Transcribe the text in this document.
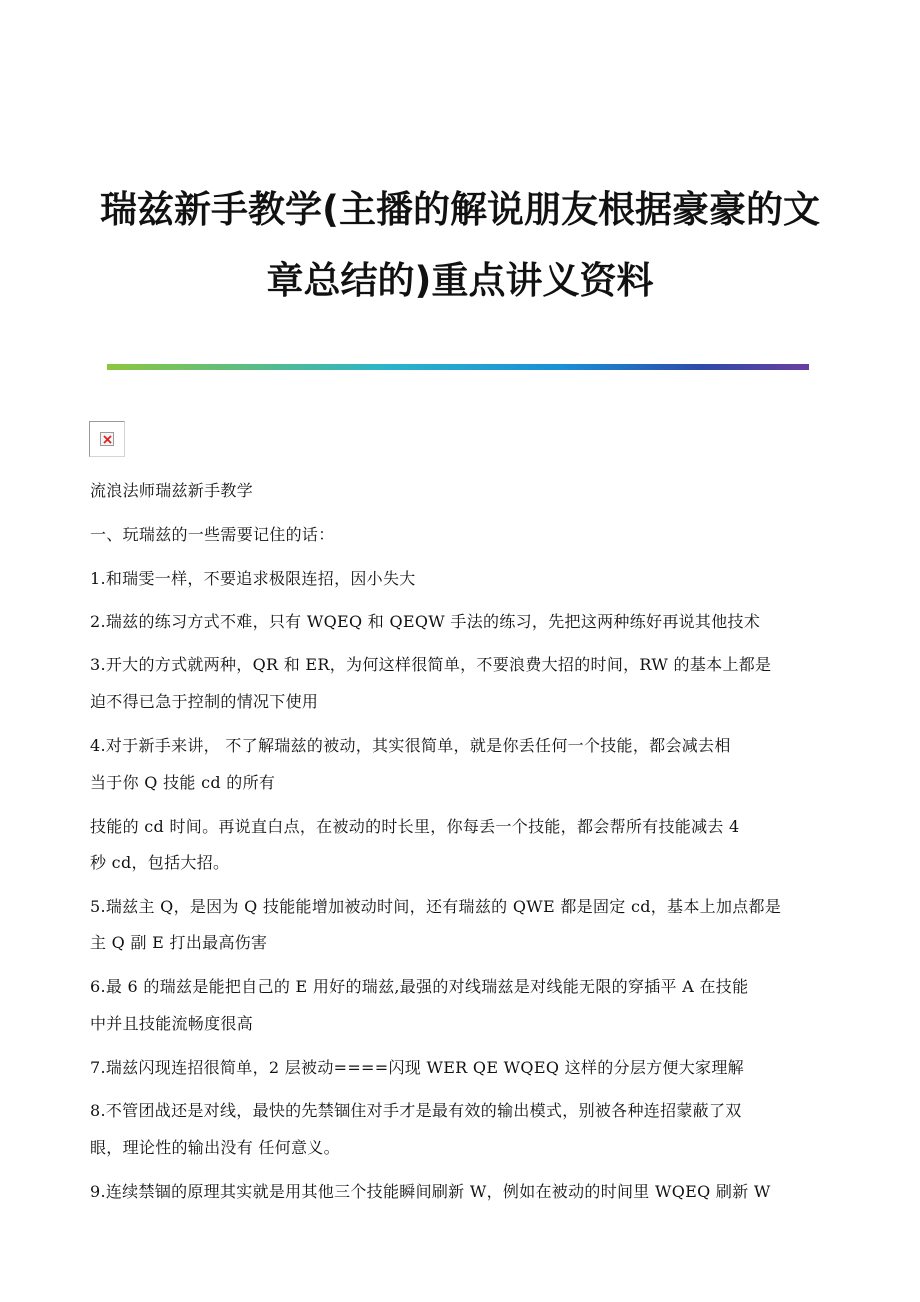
瑞兹新手教学(主播的解说朋友根据豪豪的文
章总结的)重点讲义资料
流浪法师瑞兹新手教学
一、玩瑞兹的一些需要记住的话：
1.和瑞雯一样，不要追求极限连招，因小失大
2.瑞兹的练习方式不难，只有 WQEQ 和 QEQW 手法的练习，先把这两种练好再说其他技术
3.开大的方式就两种，QR 和 ER，为何这样很简单，不要浪费大招的时间，RW 的基本上都是
迫不得已急于控制的情况下使用
4.对于新手来讲， 不了解瑞兹的被动，其实很简单，就是你丢任何一个技能，都会减去相
当于你 Q 技能 cd 的所有
技能的 cd 时间。再说直白点，在被动的时长里，你每丢一个技能，都会帮所有技能减去 4
秒 cd，包括大招。
5.瑞兹主 Q，是因为 Q 技能能增加被动时间，还有瑞兹的 QWE 都是固定 cd，基本上加点都是
主 Q 副 E 打出最高伤害
6.最 6 的瑞兹是能把自己的 E 用好的瑞兹,最强的对线瑞兹是对线能无限的穿插平 A 在技能
中并且技能流畅度很高
7.瑞兹闪现连招很简单，2 层被动====闪现 WER QE WQEQ 这样的分层方便大家理解
8.不管团战还是对线，最快的先禁锢住对手才是最有效的输出模式，别被各种连招蒙蔽了双
眼，理论性的输出没有 任何意义。
9.连续禁锢的原理其实就是用其他三个技能瞬间刷新 W，例如在被动的时间里 WQEQ 刷新 W
